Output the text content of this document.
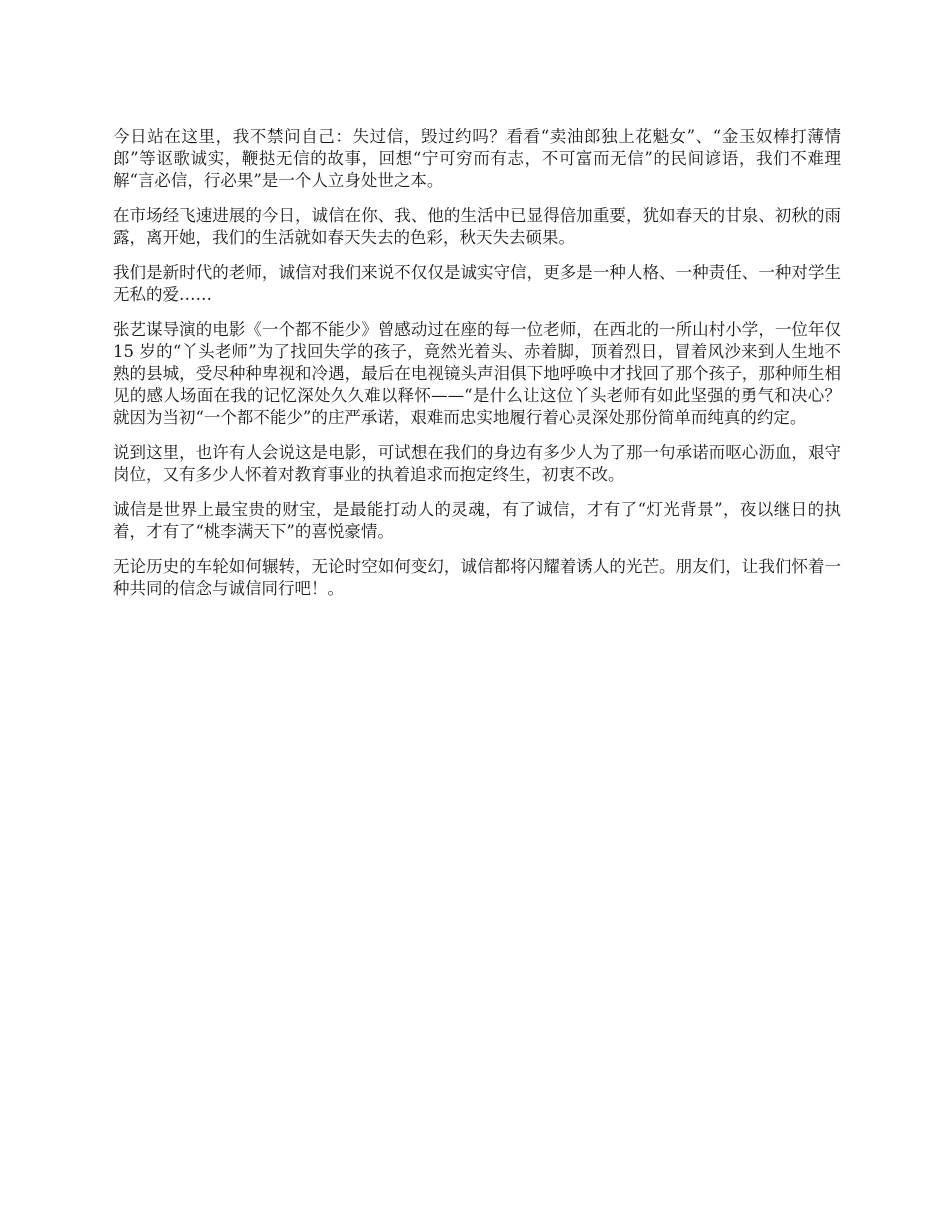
今日站在这里，我不禁问自己：失过信，毁过约吗？看看“卖油郎独上花魁女”、“金玉奴棒打薄情郎”等讴歌诚实，鞭挞无信的故事，回想“宁可穷而有志，不可富而无信”的民间谚语，我们不难理解“言必信，行必果”是一个人立身处世之本。

在市场经飞速进展的今日，诚信在你、我、他的生活中已显得倍加重要，犹如春天的甘泉、初秋的雨露，离开她，我们的生活就如春天失去的色彩，秋天失去硕果。

我们是新时代的老师，诚信对我们来说不仅仅是诚实守信，更多是一种人格、一种责任、一种对学生无私的爱……

张艺谋导演的电影《一个都不能少》曾感动过在座的每一位老师，在西北的一所山村小学，一位年仅 15 岁的“丫头老师”为了找回失学的孩子，竟然光着头、赤着脚，顶着烈日，冒着风沙来到人生地不熟的县城，受尽种种卑视和冷遇，最后在电视镜头声泪俱下地呼唤中才找回了那个孩子，那种师生相见的感人场面在我的记忆深处久久难以释怀——“是什么让这位丫头老师有如此坚强的勇气和决心？就因为当初“一个都不能少”的庄严承诺，艰难而忠实地履行着心灵深处那份简单而纯真的约定。

说到这里，也许有人会说这是电影，可试想在我们的身边有多少人为了那一句承诺而呕心沥血，艰守岗位，又有多少人怀着对教育事业的执着追求而抱定终生，初衷不改。

诚信是世界上最宝贵的财宝，是最能打动人的灵魂，有了诚信，才有了“灯光背景”，夜以继日的执着，才有了“桃李满天下”的喜悦豪情。

无论历史的车轮如何辗转，无论时空如何变幻，诚信都将闪耀着诱人的光芒。朋友们，让我们怀着一种共同的信念与诚信同行吧！。
